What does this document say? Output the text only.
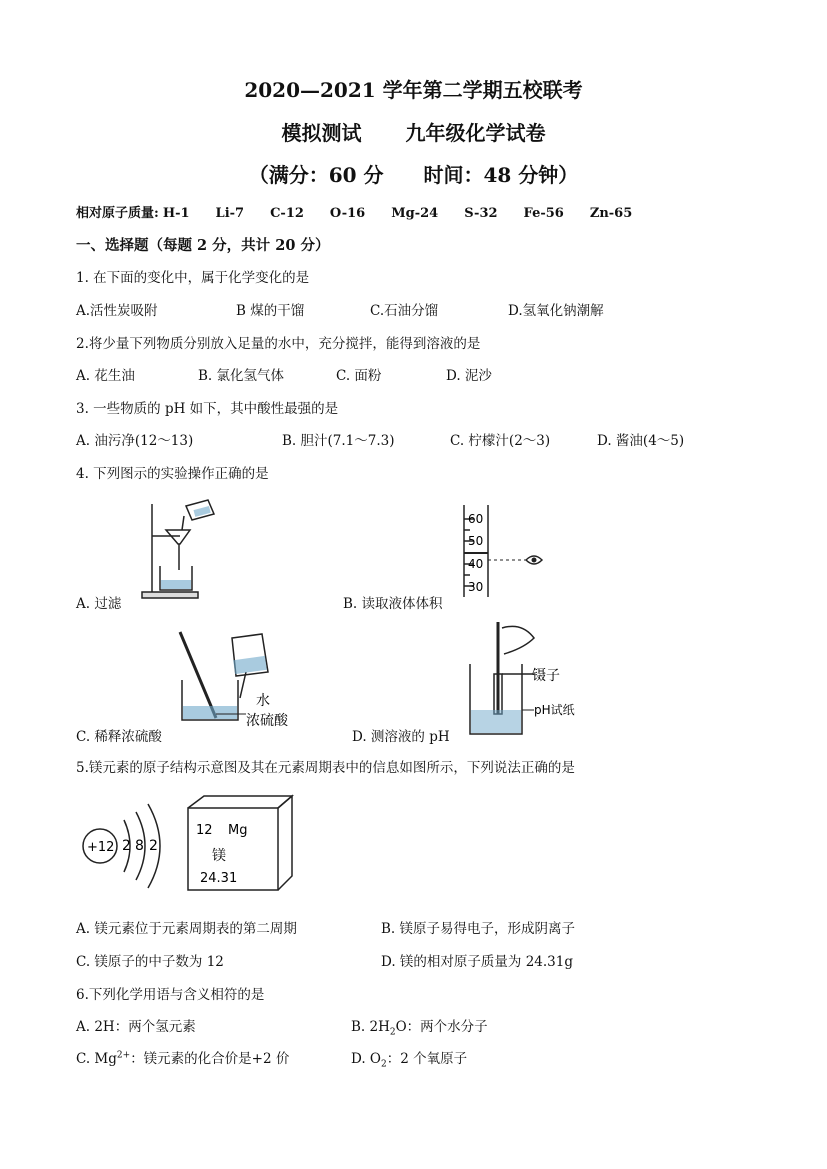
2020—2021 学年第二学期五校联考
模拟测试 九年级化学试卷
（满分：60 分　　时间：48 分钟）
相对原子质量: H-1 Li-7 C-12 O-16 Mg-24 S-32 Fe-56 Zn-65
一、选择题（每题 2 分，共计 20 分）
1. 在下面的变化中，属于化学变化的是
A.活性炭吸附	B 煤的干馏	C.石油分馏	D.氢氧化钠潮解
2.将少量下列物质分别放入足量的水中，充分搅拌，能得到溶液的是
A. 花生油	B. 氯化氢气体	C. 面粉	D. 泥沙
3. 一些物质的 pH 如下，其中酸性最强的是
A. 油污净(12～13)	B. 胆汁(7.1～7.3)	C. 柠檬汁(2～3)	D. 酱油(4～5)
4. 下列图示的实验操作正确的是
A. 过滤
60
50
40
30
B. 读取液体体积
水
浓硫酸
C. 稀释浓硫酸
镊子
pH试纸
D. 测溶液的 pH
5.镁元素的原子结构示意图及其在元素周期表中的信息如图所示，下列说法正确的是
+12 2 8 2
12 Mg
镁
24.31
A. 镁元素位于元素周期表的第二周期	B. 镁原子易得电子，形成阴离子
C. 镁原子的中子数为 12	D. 镁的相对原子质量为 24.31g
6.下列化学用语与含义相符的是
A. 2H：两个氢元素	B. $2H_2O$：两个水分子
C. $Mg^{2+}$：镁元素的化合价是+2 价	D. $O_2$：2 个氧原子
